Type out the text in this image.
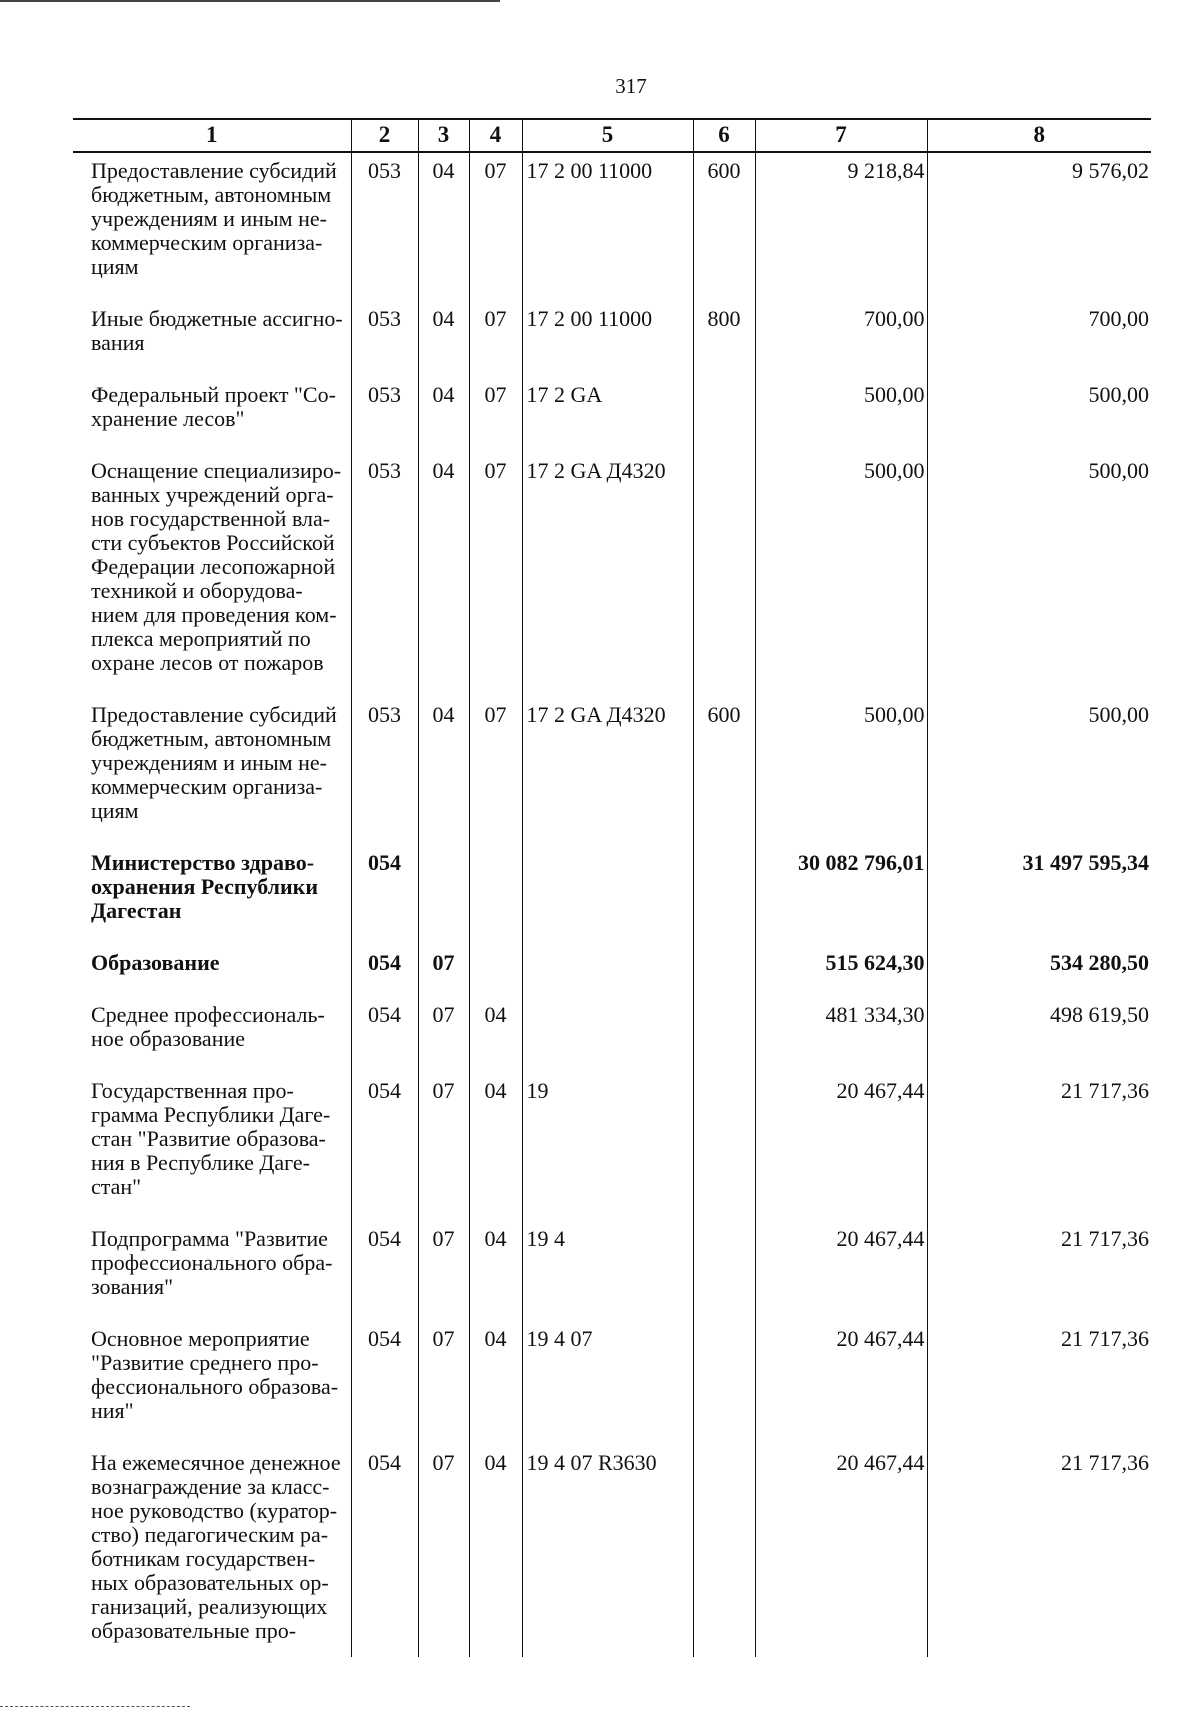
317
1	2	3	4	5	6	7	8
Предоставление субсидий бюджетным, автономным учреждениям и иным не-коммерческим организа-циям	053	04	07	17 2 00 11000	600	9 218,84	9 576,02
Иные бюджетные ассигно-вания	053	04	07	17 2 00 11000	800	700,00	700,00
Федеральный проект "Со-хранение лесов"	053	04	07	17 2 GA		500,00	500,00
Оснащение специализиро-ванных учреждений орга-нов государственной вла-сти субъектов Российской Федерации лесопожарной техникой и оборудова-нием для проведения ком-плекса мероприятий по охране лесов от пожаров	053	04	07	17 2 GA Д4320		500,00	500,00
Предоставление субсидий бюджетным, автономным учреждениям и иным не-коммерческим организа-циям	053	04	07	17 2 GA Д4320	600	500,00	500,00
Министерство здраво-охранения Республики Дагестан	054					30 082 796,01	31 497 595,34
Образование	054	07				515 624,30	534 280,50
Среднее профессиональ-ное образование	054	07	04			481 334,30	498 619,50
Государственная про-грамма Республики Даге-стан "Развитие образова-ния в Республике Даге-стан"	054	07	04	19		20 467,44	21 717,36
Подпрограмма "Развитие профессионального обра-зования"	054	07	04	19 4		20 467,44	21 717,36
Основное мероприятие "Развитие среднего про-фессионального образова-ния"	054	07	04	19 4 07		20 467,44	21 717,36
На ежемесячное денежное вознаграждение за класс-ное руководство (куратор-ство) педагогическим ра-ботникам государствен-ных образовательных ор-ганизаций, реализующих образовательные про-	054	07	04	19 4 07 R3630		20 467,44	21 717,36
